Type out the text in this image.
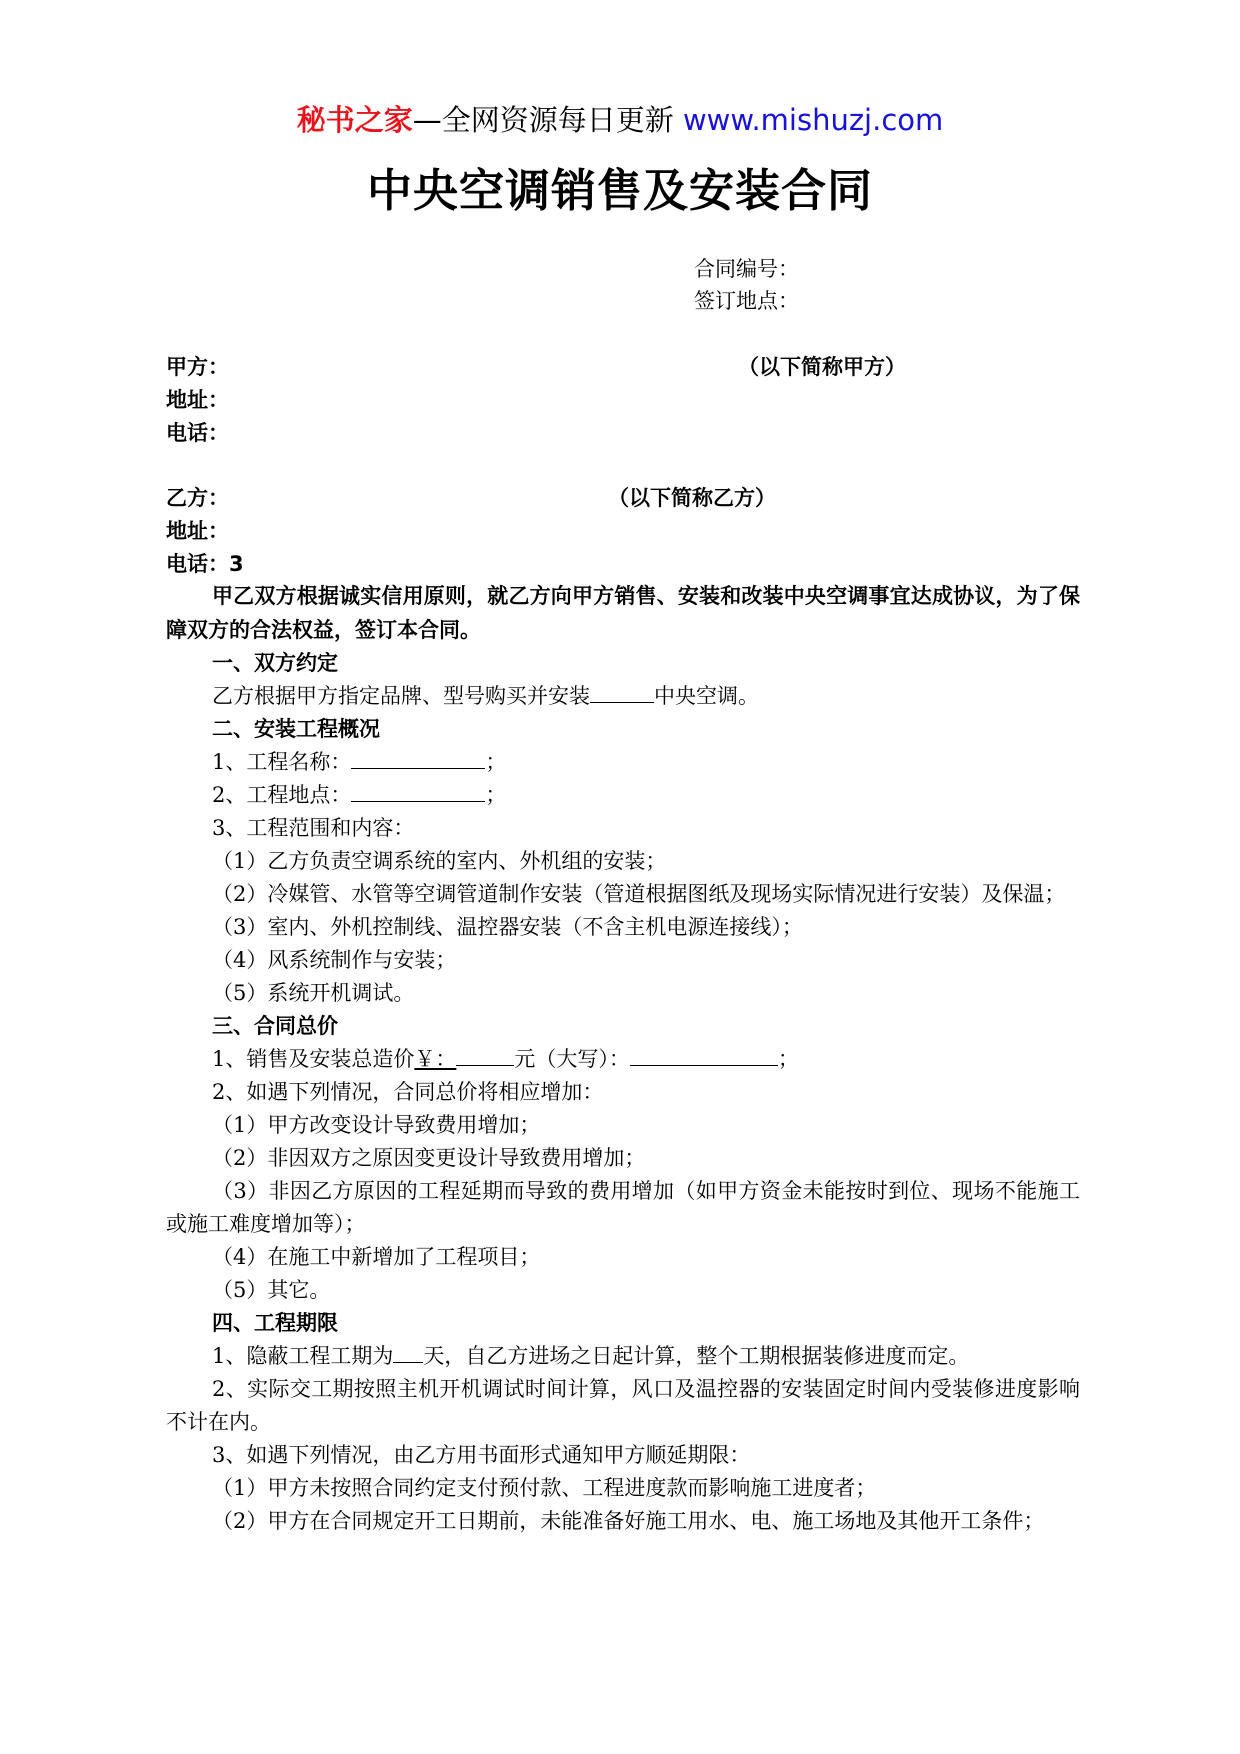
秘书之家—全网资源每日更新 www.mishuzj.com
中央空调销售及安装合同
合同编号：
签订地点：
甲方：	（以下简称甲方）
地址：
电话：
乙方：	（以下简称乙方）
地址：
电话：3

甲乙双方根据诚实信用原则，就乙方向甲方销售、安装和改装中央空调事宜达成协议，为了保障双方的合法权益，签订本合同。

一、双方约定

乙方根据甲方指定品牌、型号购买并安装	中央空调。

二、安装工程概况

1、工程名称：	；

2、工程地点：	；

3、工程范围和内容：

（1）乙方负责空调系统的室内、外机组的安装；

（2）冷媒管、水管等空调管道制作安装（管道根据图纸及现场实际情况进行安装）及保温；

（3）室内、外机控制线、温控器安装（不含主机电源连接线）；

（4）风系统制作与安装；

（5）系统开机调试。

三、合同总价

1、销售及安装总造价￥：	元（大写）：	；

2、如遇下列情况，合同总价将相应增加：

（1）甲方改变设计导致费用增加；

（2）非因双方之原因变更设计导致费用增加；

（3）非因乙方原因的工程延期而导致的费用增加（如甲方资金未能按时到位、现场不能施工或施工难度增加等）；

（4）在施工中新增加了工程项目；

（5）其它。

四、工程期限

1、隐蔽工程工期为 天，自乙方进场之日起计算，整个工期根据装修进度而定。

2、实际交工期按照主机开机调试时间计算，风口及温控器的安装固定时间内受装修进度影响不计在内。

3、如遇下列情况，由乙方用书面形式通知甲方顺延期限：

（1）甲方未按照合同约定支付预付款、工程进度款而影响施工进度者；

（2）甲方在合同规定开工日期前，未能准备好施工用水、电、施工场地及其他开工条件；
